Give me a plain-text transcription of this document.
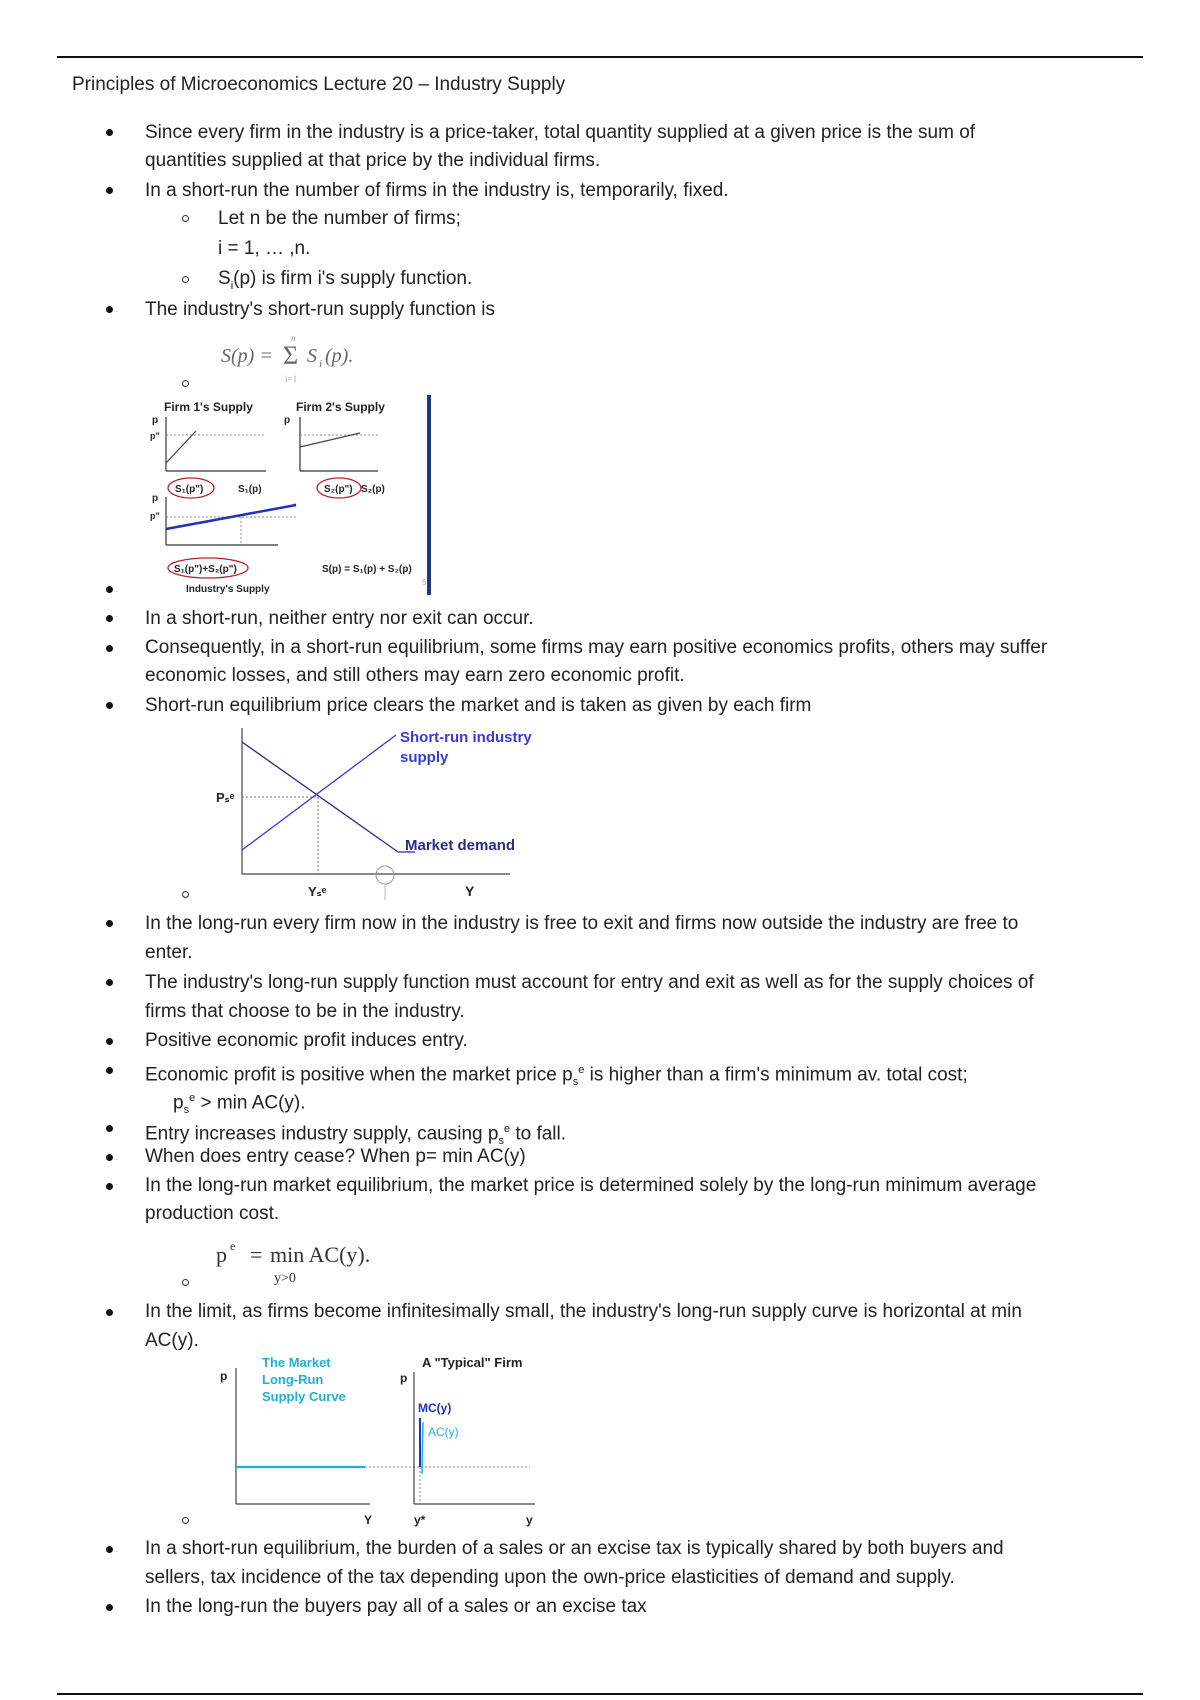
Principles of Microeconomics Lecture 20 – Industry Supply
Since every firm in the industry is a price-taker, total quantity supplied at a given price is the sum of
quantities supplied at that price by the individual firms.
In a short-run the number of firms in the industry is, temporarily, fixed.
Let n be the number of firms;
i = 1, … ,n.
$S_i(p)$ is firm i's supply function.
The industry's short-run supply function is
S(p) = Σ
n
i=1
S i (p).
Firm 1's Supply
p
p"
S₁(p")	S₁(p)
Firm 2's Supply
p
S₂(p") S₂(p)
p
p"
S₁(p")+S₂(p")	S(p) = S₁(p) + S₂(p)
Industry's Supply
5
In a short-run, neither entry nor exit can occur.
Consequently, in a short-run equilibrium, some firms may earn positive economics profits, others may suffer
economic losses, and still others may earn zero economic profit.
Short-run equilibrium price clears the market and is taken as given by each firm
Short-run industry
supply
Market demand
Pₛᵉ
Yₛᵉ	Y
In the long-run every firm now in the industry is free to exit and firms now outside the industry are free to
enter.
The industry's long-run supply function must account for entry and exit as well as for the supply choices of
firms that choose to be in the industry.
Positive economic profit induces entry.
Economic profit is positive when the market price $p_s^e$ is higher than a firm's minimum av. total cost;
$p_s^e > \min AC(y)$.
Entry increases industry supply, causing $p_s^e$ to fall.
When does entry cease? When p= min AC(y)
In the long-run market equilibrium, the market price is determined solely by the long-run minimum average
production cost.
p e = min AC(y).
y>0
In the limit, as firms become infinitesimally small, the industry's long-run supply curve is horizontal at min
AC(y).
p
The Market
Long-Run
Supply Curve
Y
A "Typical" Firm
p
MC(y)
AC(y)
y*	y
In a short-run equilibrium, the burden of a sales or an excise tax is typically shared by both buyers and
sellers, tax incidence of the tax depending upon the own-price elasticities of demand and supply.
In the long-run the buyers pay all of a sales or an excise tax
